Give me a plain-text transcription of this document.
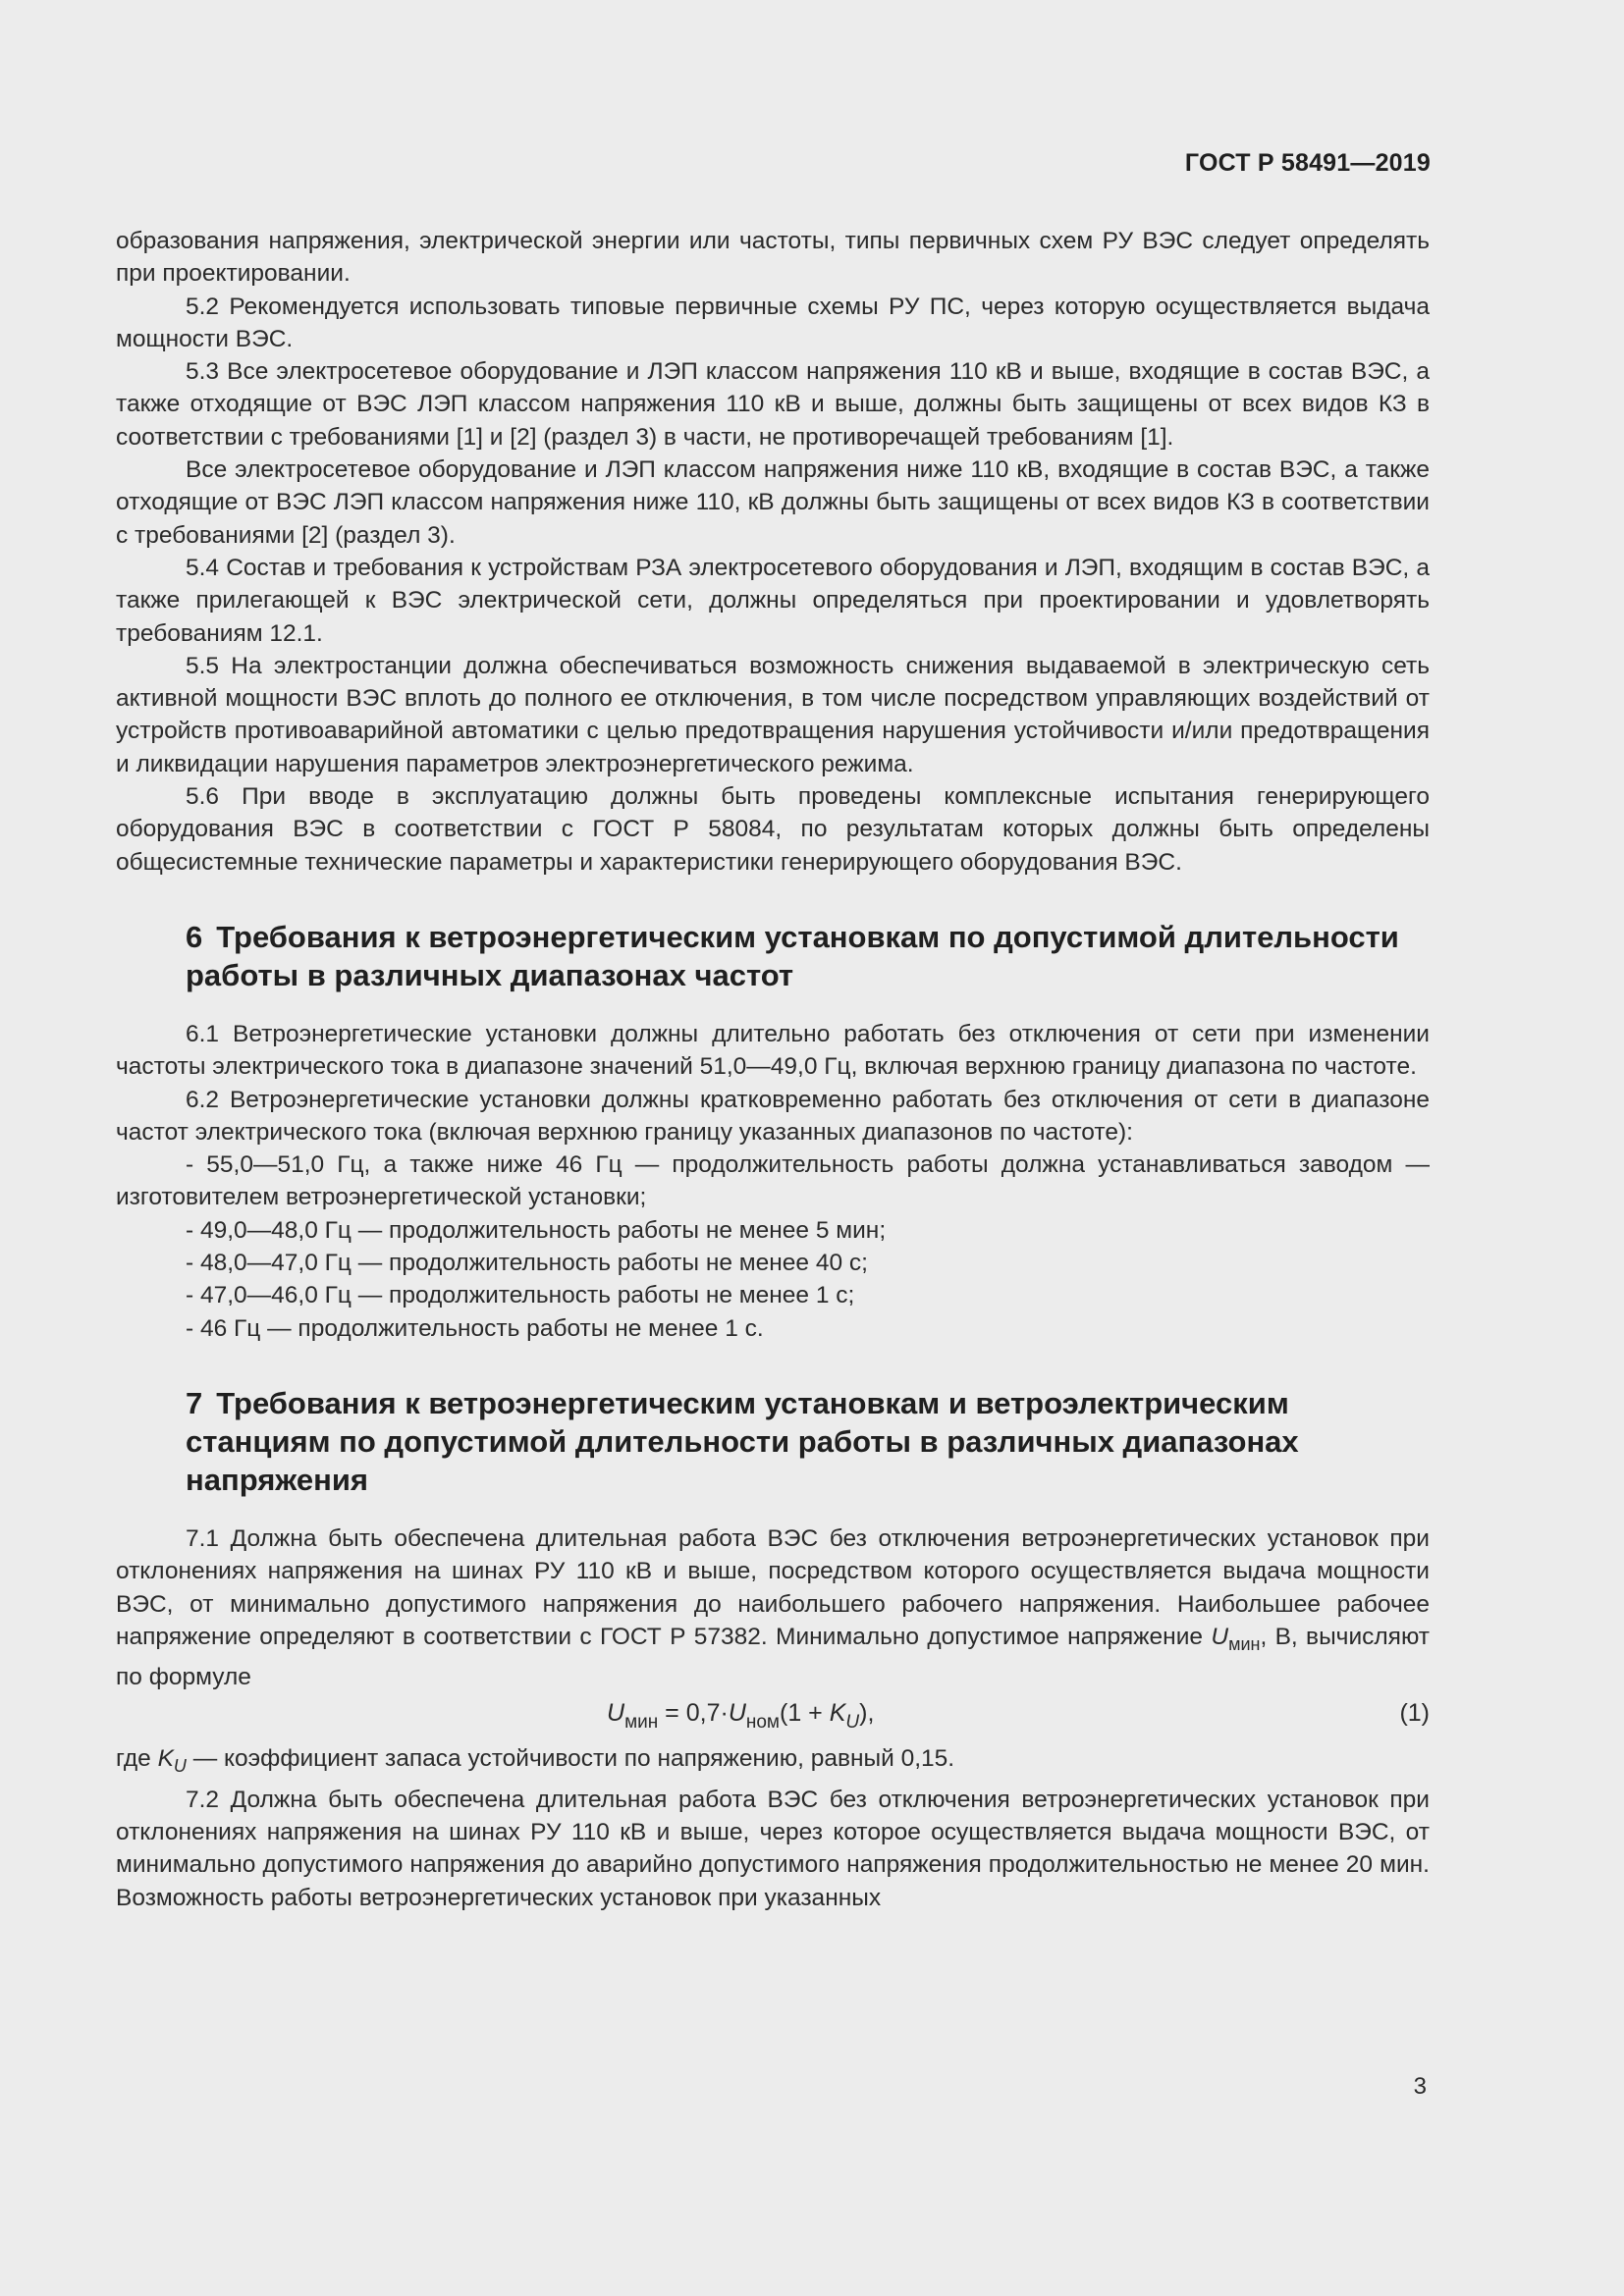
ГОСТ Р 58491—2019

образования напряжения, электрической энергии или частоты, типы первичных схем РУ ВЭС следует определять при проектировании.

5.2 Рекомендуется использовать типовые первичные схемы РУ ПС, через которую осуществляется выдача мощности ВЭС.

5.3 Все электросетевое оборудование и ЛЭП классом напряжения 110 кВ и выше, входящие в состав ВЭС, а также отходящие от ВЭС ЛЭП классом напряжения 110 кВ и выше, должны быть защищены от всех видов КЗ в соответствии с требованиями [1] и [2] (раздел 3) в части, не противоречащей требованиям [1].

Все электросетевое оборудование и ЛЭП классом напряжения ниже 110 кВ, входящие в состав ВЭС, а также отходящие от ВЭС ЛЭП классом напряжения ниже 110, кВ должны быть защищены от всех видов КЗ в соответствии с требованиями [2] (раздел 3).

5.4 Состав и требования к устройствам РЗА электросетевого оборудования и ЛЭП, входящим в состав ВЭС, а также прилегающей к ВЭС электрической сети, должны определяться при проектировании и удовлетворять требованиям 12.1.

5.5 На электростанции должна обеспечиваться возможность снижения выдаваемой в электрическую сеть активной мощности ВЭС вплоть до полного ее отключения, в том числе посредством управляющих воздействий от устройств противоаварийной автоматики с целью предотвращения нарушения устойчивости и/или предотвращения и ликвидации нарушения параметров электроэнергетического режима.

5.6 При вводе в эксплуатацию должны быть проведены комплексные испытания генерирующего оборудования ВЭС в соответствии с ГОСТ Р 58084, по результатам которых должны быть определены общесистемные технические параметры и характеристики генерирующего оборудования ВЭС.

6 Требования к ветроэнергетическим установкам по допустимой длительности работы в различных диапазонах частот

6.1 Ветроэнергетические установки должны длительно работать без отключения от сети при изменении частоты электрического тока в диапазоне значений 51,0—49,0 Гц, включая верхнюю границу диапазона по частоте.

6.2 Ветроэнергетические установки должны кратковременно работать без отключения от сети в диапазоне частот электрического тока (включая верхнюю границу указанных диапазонов по частоте):

- 55,0—51,0 Гц, а также ниже 46 Гц — продолжительность работы должна устанавливаться заводом — изготовителем ветроэнергетической установки;

- 49,0—48,0 Гц — продолжительность работы не менее 5 мин;

- 48,0—47,0 Гц — продолжительность работы не менее 40 с;

- 47,0—46,0 Гц — продолжительность работы не менее 1 с;

- 46 Гц — продолжительность работы не менее 1 с.

7 Требования к ветроэнергетическим установкам и ветроэлектрическим станциям по допустимой длительности работы в различных диапазонах напряжения

7.1 Должна быть обеспечена длительная работа ВЭС без отключения ветроэнергетических установок при отклонениях напряжения на шинах РУ 110 кВ и выше, посредством которого осуществляется выдача мощности ВЭС, от минимально допустимого напряжения до наибольшего рабочего напряжения. Наибольшее рабочее напряжение определяют в соответствии с ГОСТ Р 57382. Минимально допустимое напряжение $U_{мин}$, В, вычисляют по формуле

$U_{мин} = 0,7\cdot U_{ном}(1 + K_U)$,	(1)

где $K_U$ — коэффициент запаса устойчивости по напряжению, равный 0,15.

7.2 Должна быть обеспечена длительная работа ВЭС без отключения ветроэнергетических установок при отклонениях напряжения на шинах РУ 110 кВ и выше, через которое осуществляется выдача мощности ВЭС, от минимально допустимого напряжения до аварийно допустимого напряжения продолжительностью не менее 20 мин. Возможность работы ветроэнергетических установок при указанных

3
